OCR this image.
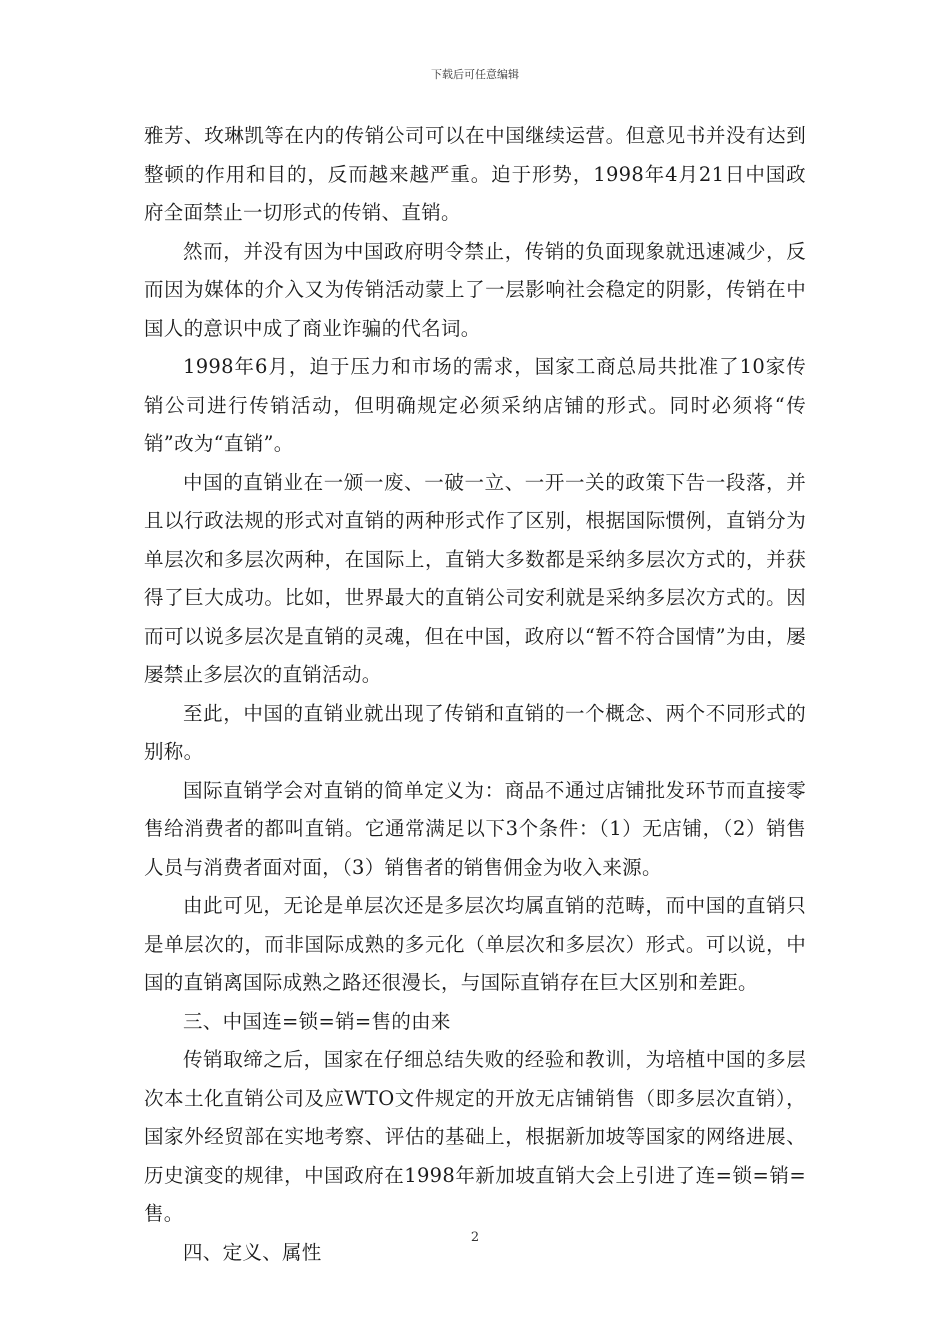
下载后可任意编辑

雅芳、玫琳凯等在内的传销公司可以在中国继续运营。但意见书并没有达到整顿的作用和目的，反而越来越严重。迫于形势，1998年4月21日中国政府全面禁止一切形式的传销、直销。

然而，并没有因为中国政府明令禁止，传销的负面现象就迅速减少，反而因为媒体的介入又为传销活动蒙上了一层影响社会稳定的阴影，传销在中国人的意识中成了商业诈骗的代名词。

1998年6月，迫于压力和市场的需求，国家工商总局共批准了10家传销公司进行传销活动，但明确规定必须采纳店铺的形式。同时必须将“传销”改为“直销”。

中国的直销业在一颁一废、一破一立、一开一关的政策下告一段落，并且以行政法规的形式对直销的两种形式作了区别，根据国际惯例，直销分为单层次和多层次两种，在国际上，直销大多数都是采纳多层次方式的，并获得了巨大成功。比如，世界最大的直销公司安利就是采纳多层次方式的。因而可以说多层次是直销的灵魂，但在中国，政府以“暂不符合国情”为由，屡屡禁止多层次的直销活动。

至此，中国的直销业就出现了传销和直销的一个概念、两个不同形式的别称。

国际直销学会对直销的简单定义为：商品不通过店铺批发环节而直接零售给消费者的都叫直销。它通常满足以下3个条件：（1）无店铺，（2）销售人员与消费者面对面，（3）销售者的销售佣金为收入来源。

由此可见，无论是单层次还是多层次均属直销的范畴，而中国的直销只是单层次的，而非国际成熟的多元化（单层次和多层次）形式。可以说，中国的直销离国际成熟之路还很漫长，与国际直销存在巨大区别和差距。

三、中国连=锁=销=售的由来

传销取缔之后，国家在仔细总结失败的经验和教训，为培植中国的多层次本土化直销公司及应WTO文件规定的开放无店铺销售（即多层次直销），国家外经贸部在实地考察、评估的基础上，根据新加坡等国家的网络进展、历史演变的规律，中国政府在1998年新加坡直销大会上引进了连=锁=销=售。

四、定义、属性

2
